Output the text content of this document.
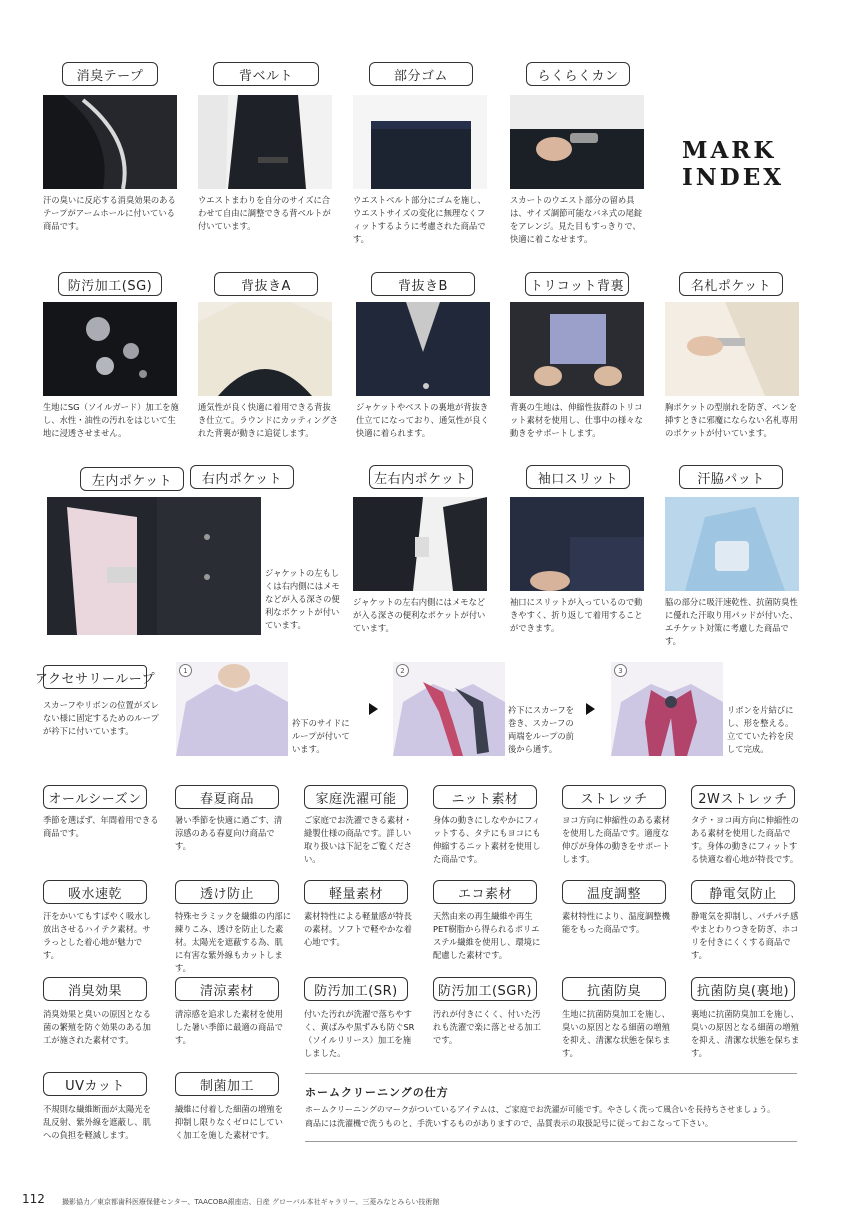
消臭テープ	背ベルト	部分ゴム	らくらくカン
MARK
INDEX
汗の臭いに反応する消臭効果のあるテープがアームホールに付いている商品です。
ウエストまわりを自分のサイズに合わせて自由に調整できる背ベルトが付いています。
ウエストベルト部分にゴムを施し、ウエストサイズの変化に無理なくフィットするように考慮された商品です。
スカートのウエスト部分の留め具は、サイズ調節可能なバネ式の尾錠をアレンジ。見た目もすっきりで、快適に着こなせます。
防汚加工(SG)	背抜きA	背抜きB	トリコット背裏	名札ポケット
生地にSG（ソイルガード）加工を施し、水性・油性の汚れをはじいて生地に浸透させません。
通気性が良く快適に着用できる背抜き仕立て。ラウンドにカッティングされた背裏が動きに追従します。
ジャケットやベストの裏地が背抜き仕立てになっており、通気性が良く快適に着られます。
背裏の生地は、伸縮性抜群のトリコット素材を使用し、仕事中の様々な動きをサポートします。
胸ポケットの型崩れを防ぎ、ペンを挿すときに邪魔にならない名札専用のポケットが付いています。
左内ポケット	右内ポケット	左右内ポケット	袖口スリット	汗脇パット
ジャケットの左もしくは右内側にはメモなどが入る深さの便利なポケットが付いています。
ジャケットの左右内側にはメモなどが入る深さの便利なポケットが付いています。
袖口にスリットが入っているので動きやすく、折り返して着用することができます。
脇の部分に吸汗速乾性、抗菌防臭性に優れた汗取り用パッドが付いた、エチケット対策に考慮した商品です。
アクセサリーループ
スカーフやリボンの位置がズレない様に固定するためのループが衿下に付いています。
1
衿下のサイドにループが付いています。
2
衿下にスカーフを巻き、スカーフの両端をループの前後から通す。
3
リボンを片結びにし、形を整える。立てていた衿を戻して完成。
オールシーズン	春夏商品	家庭洗濯可能	ニット素材	ストレッチ	2Wストレッチ
季節を選ばず、年間着用できる商品です。
暑い季節を快適に過ごす、清涼感のある春夏向け商品です。
ご家庭でお洗濯できる素材・縫製仕様の商品です。詳しい取り扱いは下記をご覧ください。
身体の動きにしなやかにフィットする、タテにもヨコにも伸縮するニット素材を使用した商品です。
ヨコ方向に伸縮性のある素材を使用した商品です。適度な伸びが身体の動きをサポートします。
タテ・ヨコ両方向に伸縮性のある素材を使用した商品です。身体の動きにフィットする快適な着心地が特長です。
吸水速乾	透け防止	軽量素材	エコ素材	温度調整	静電気防止
汗をかいてもすばやく吸水し放出させるハイテク素材。サラっとした着心地が魅力です。
特殊セラミックを繊維の内部に練りこみ、透けを防止した素材。太陽光を遮蔽する為、肌に有害な紫外線もカットします。
素材特性による軽量感が特長の素材。ソフトで軽やかな着心地です。
天然由来の再生繊維や再生PET樹脂から得られるポリエステル繊維を使用し、環境に配慮した素材です。
素材特性により、温度調整機能をもった商品です。
静電気を抑制し、パチパチ感やまとわりつきを防ぎ、ホコリを付きにくくする商品です。
消臭効果	清涼素材	防汚加工(SR)	防汚加工(SGR)	抗菌防臭	抗菌防臭(裏地)
消臭効果と臭いの原因となる菌の繁殖を防ぐ効果のある加工が施された素材です。
清涼感を追求した素材を使用した暑い季節に最適の商品です。
付いた汚れが洗濯で落ちやすく、黄ばみや黒ずみも防ぐSR（ソイルリリース）加工を施しました。
汚れが付きにくく、付いた汚れも洗濯で楽に落とせる加工です。
生地に抗菌防臭加工を施し、臭いの原因となる細菌の増殖を抑え、清潔な状態を保ちます。
裏地に抗菌防臭加工を施し、臭いの原因となる細菌の増殖を抑え、清潔な状態を保ちます。
UVカット	制菌加工
不規則な繊維断面が太陽光を乱反射、紫外線を遮蔽し、肌への負担を軽減します。
繊維に付着した細菌の増殖を抑制し限りなくゼロにしていく加工を施した素材です。
ホームクリーニングの仕方
ホームクリーニングのマークがついているアイテムは、ご家庭でお洗濯が可能です。やさしく洗って風合いを長持ちさせましょう。
商品には洗濯機で洗うものと、手洗いするものがありますので、品質表示の取扱記号に従っておこなって下さい。
112 撮影協力／東京都歯科医療保健センター、TAACOBA銀座店、日産 グローバル本社ギャラリー、三菱みなとみらい技術館
